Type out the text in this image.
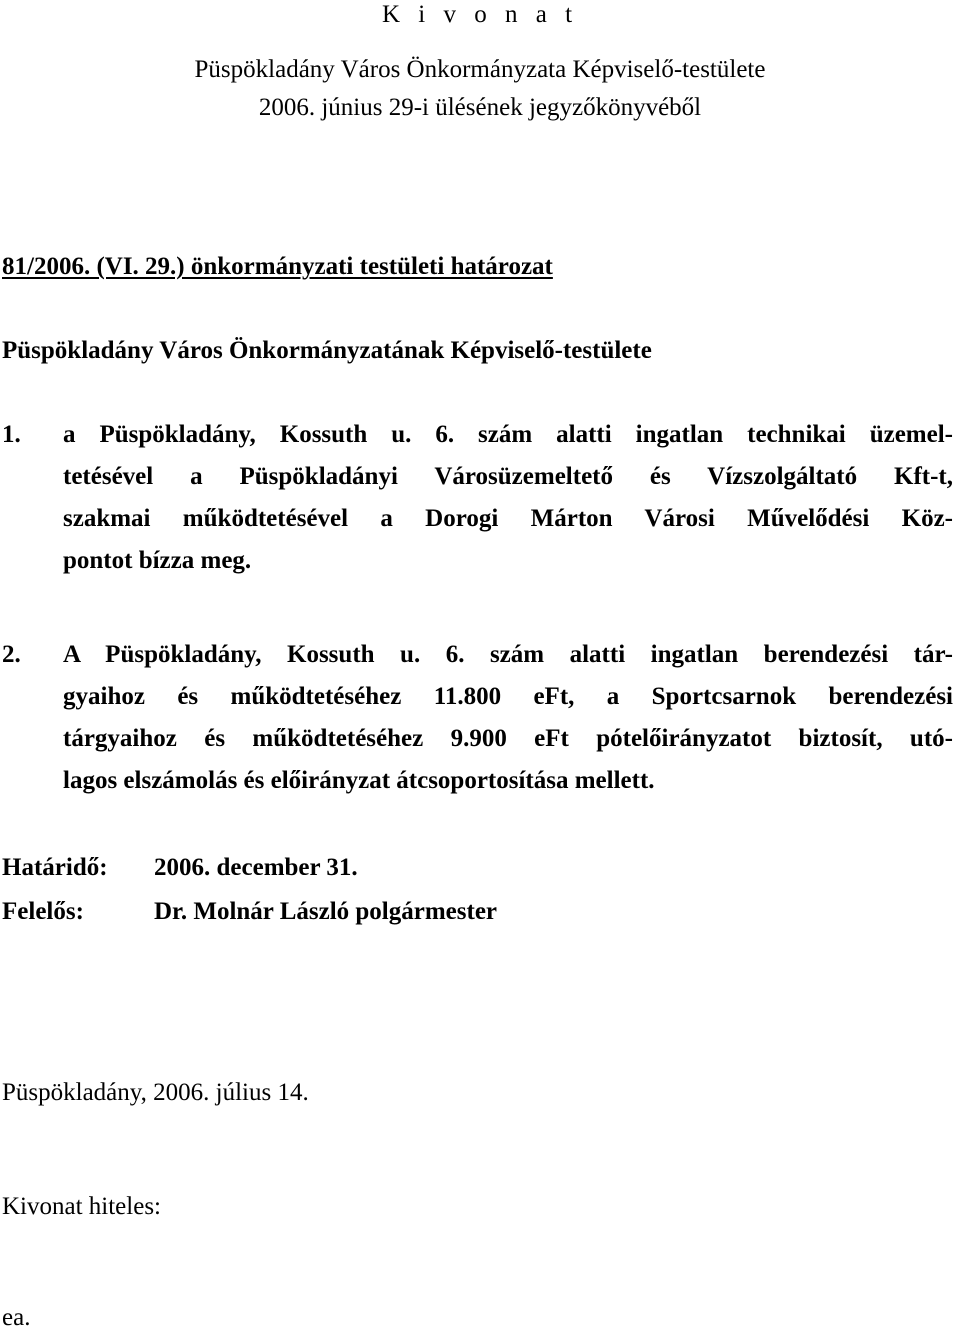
K i v o n a t
Püspökladány Város Önkormányzata Képviselő-testülete
2006. június 29-i ülésének jegyzőkönyvéből
81/2006. (VI. 29.) önkormányzati testületi határozat
Püspökladány Város Önkormányzatának Képviselő-testülete
1. a Püspökladány, Kossuth u. 6. szám alatti ingatlan technikai üzemel-
tetésével a Püspökladányi Városüzemeltető és Vízszolgáltató Kft-t,
szakmai működtetésével a Dorogi Márton Városi Művelődési Köz-
pontot bízza meg.
2. A Püspökladány, Kossuth u. 6. szám alatti ingatlan berendezési tár-
gyaihoz és működtetéséhez 11.800 eFt, a Sportcsarnok berendezési
tárgyaihoz és működtetéséhez 9.900 eFt pótelőirányzatot biztosít, utó-
lagos elszámolás és előirányzat átcsoportosítása mellett.
Határidő: 2006. december 31.
Felelős:	Dr. Molnár László polgármester
Püspökladány, 2006. július 14.
Kivonat hiteles:
ea.
